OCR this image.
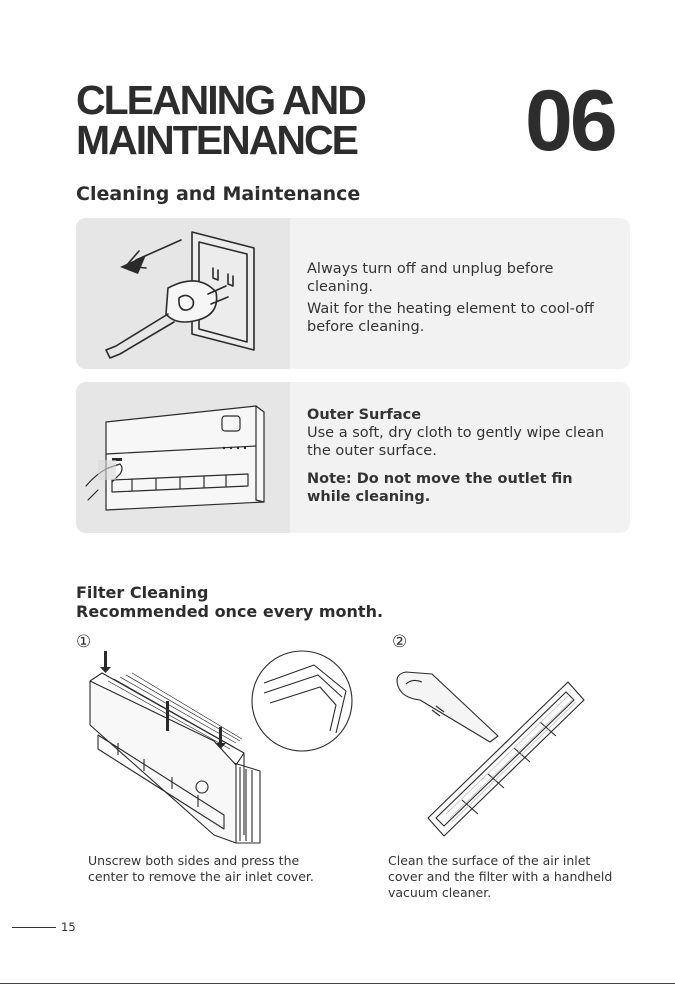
CLEANING AND
MAINTENANCE 06
Cleaning and Maintenance

Always turn off and unplug before cleaning.

Wait for the heating element to cool-off before cleaning.

Outer Surface

Use a soft, dry cloth to gently wipe clean the outer surface.

Note: Do not move the outlet fin while cleaning.

Filter Cleaning
Recommended once every month.
①	②
Unscrew both sides and press the center to remove the air inlet cover.
Clean the surface of the air inlet cover and the filter with a handheld vacuum cleaner.
15
